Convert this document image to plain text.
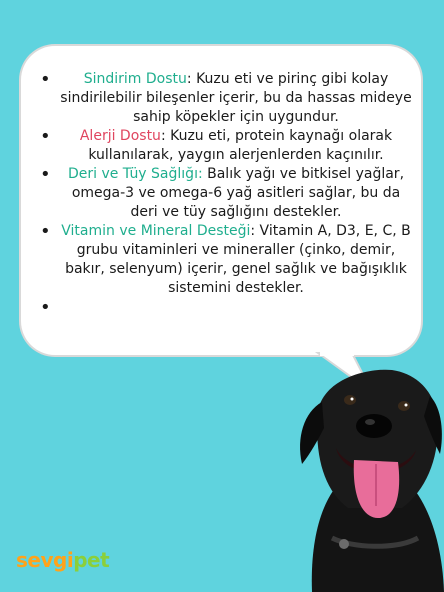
• Sindirim Dostu: Kuzu eti ve pirinç gibi kolay sindirilebilir bileşenler içerir, bu da hassas mideye sahip köpekler için uygundur.
• Alerji Dostu: Kuzu eti, protein kaynağı olarak kullanılarak, yaygın alerjenlerden kaçınılır.
• Deri ve Tüy Sağlığı: Balık yağı ve bitkisel yağlar, omega-3 ve omega-6 yağ asitleri sağlar, bu da deri ve tüy sağlığını destekler.
• Vitamin ve Mineral Desteği: Vitamin A, D3, E, C, B grubu vitaminleri ve mineraller (çinko, demir, bakır, selenyum) içerir, genel sağlık ve bağışıklık sistemini destekler.
sevgipet
